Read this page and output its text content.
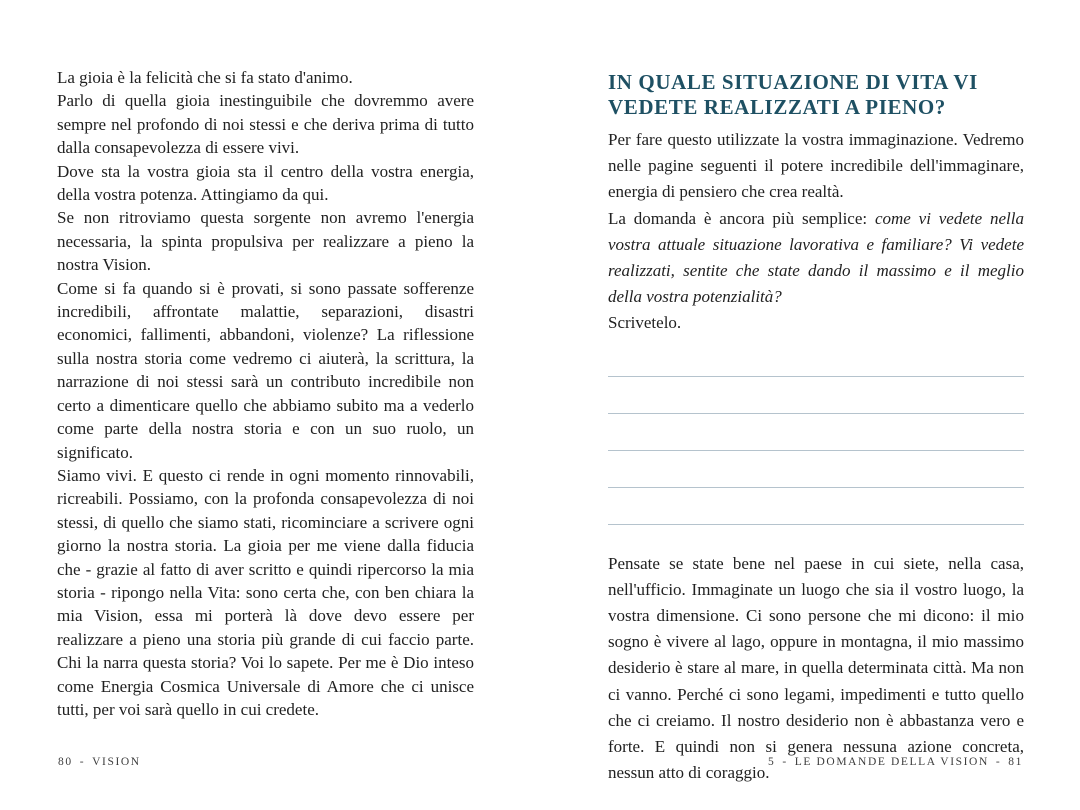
La gioia è la felicità che si fa stato d'animo.

Parlo di quella gioia inestinguibile che dovremmo avere sempre nel profondo di noi stessi e che deriva prima di tutto dalla consapevolezza di essere vivi.

Dove sta la vostra gioia sta il centro della vostra energia, della vostra potenza. Attingiamo da qui.

Se non ritroviamo questa sorgente non avremo l'energia necessaria, la spinta propulsiva per realizzare a pieno la nostra Vision.

Come si fa quando si è provati, si sono passate sofferenze incredibili, affrontate malattie, separazioni, disastri economici, fallimenti, abbandoni, violenze? La riflessione sulla nostra storia come vedremo ci aiuterà, la scrittura, la narrazione di noi stessi sarà un contributo incredibile non certo a dimenticare quello che abbiamo subito ma a vederlo come parte della nostra storia e con un suo ruolo, un significato.

Siamo vivi. E questo ci rende in ogni momento rinnovabili, ricreabili. Possiamo, con la profonda consapevolezza di noi stessi, di quello che siamo stati, ricominciare a scrivere ogni giorno la nostra storia. La gioia per me viene dalla fiducia che - grazie al fatto di aver scritto e quindi ripercorso la mia storia - ripongo nella Vita: sono certa che, con ben chiara la mia Vision, essa mi porterà là dove devo essere per realizzare a pieno una storia più grande di cui faccio parte. Chi la narra questa storia? Voi lo sapete. Per me è Dio inteso come Energia Cosmica Universale di Amore che ci unisce tutti, per voi sarà quello in cui credete.

IN QUALE SITUAZIONE DI VITA VI VEDETE REALIZZATI A PIENO?

Per fare questo utilizzate la vostra immaginazione. Vedremo nelle pagine seguenti il potere incredibile dell'immaginare, energia di pensiero che crea realtà.

La domanda è ancora più semplice: come vi vedete nella vostra attuale situazione lavorativa e familiare? Vi vedete realizzati, sentite che state dando il massimo e il meglio della vostra potenzialità?

Scrivetelo.

Pensate se state bene nel paese in cui siete, nella casa, nell'ufficio. Immaginate un luogo che sia il vostro luogo, la vostra dimensione. Ci sono persone che mi dicono: il mio sogno è vivere al lago, oppure in montagna, il mio massimo desiderio è stare al mare, in quella determinata città. Ma non ci vanno. Perché ci sono legami, impedimenti e tutto quello che ci creiamo. Il nostro desiderio non è abbastanza vero e forte. E quindi non si genera nessuna azione concreta, nessun atto di coraggio.

80 - VISION	5 - LE DOMANDE DELLA VISION - 81
